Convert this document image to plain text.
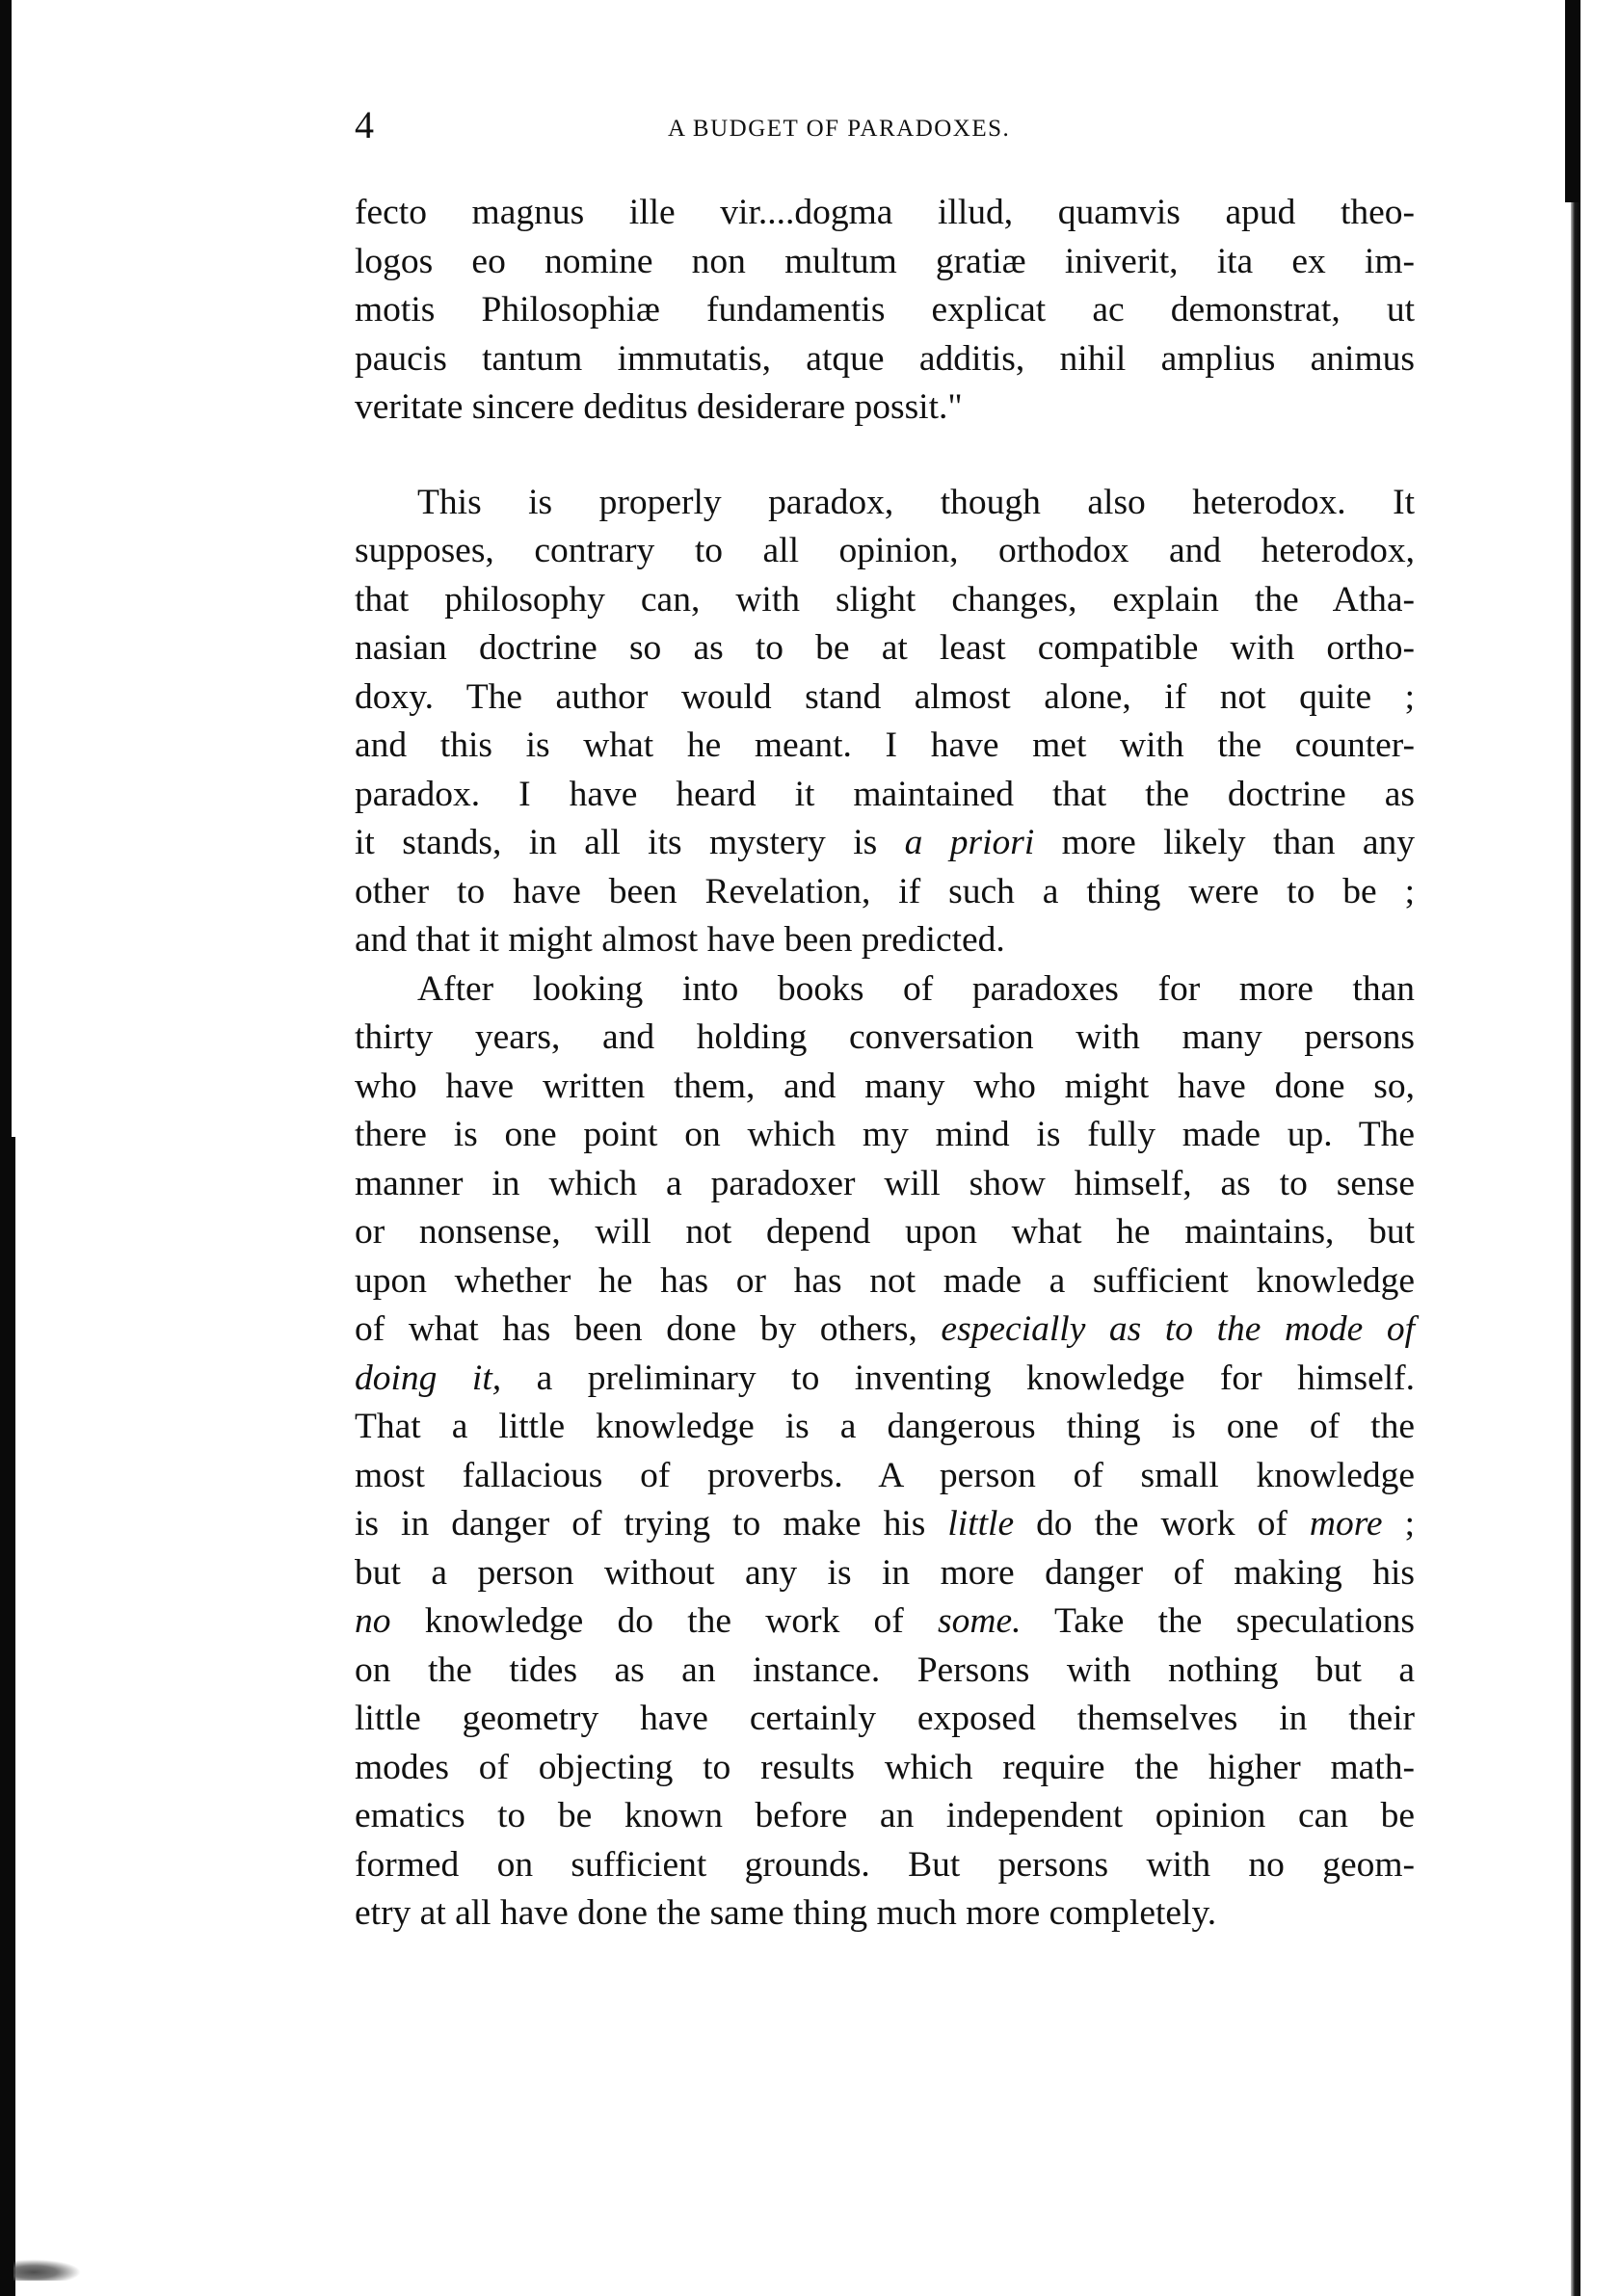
4	A BUDGET OF PARADOXES.
fecto magnus ille vir....dogma illud, quamvis apud theo-
logos eo nomine non multum gratiæ iniverit, ita ex im-
motis Philosophiæ fundamentis explicat ac demonstrat, ut
paucis tantum immutatis, atque additis, nihil amplius animus
veritate sincere deditus desiderare possit."
This is properly paradox, though also heterodox. It
supposes, contrary to all opinion, orthodox and heterodox,
that philosophy can, with slight changes, explain the Atha-
nasian doctrine so as to be at least compatible with ortho-
doxy. The author would stand almost alone, if not quite ;
and this is what he meant. I have met with the counter-
paradox. I have heard it maintained that the doctrine as
it stands, in all its mystery is a priori more likely than any
other to have been Revelation, if such a thing were to be ;
and that it might almost have been predicted.
After looking into books of paradoxes for more than
thirty years, and holding conversation with many persons
who have written them, and many who might have done so,
there is one point on which my mind is fully made up. The
manner in which a paradoxer will show himself, as to sense
or nonsense, will not depend upon what he maintains, but
upon whether he has or has not made a sufficient knowledge
of what has been done by others, especially as to the mode of
doing it, a preliminary to inventing knowledge for himself.
That a little knowledge is a dangerous thing is one of the
most fallacious of proverbs. A person of small knowledge
is in danger of trying to make his little do the work of more ;
but a person without any is in more danger of making his
no knowledge do the work of some. Take the speculations
on the tides as an instance. Persons with nothing but a
little geometry have certainly exposed themselves in their
modes of objecting to results which require the higher math-
ematics to be known before an independent opinion can be
formed on sufficient grounds. But persons with no geom-
etry at all have done the same thing much more completely.
